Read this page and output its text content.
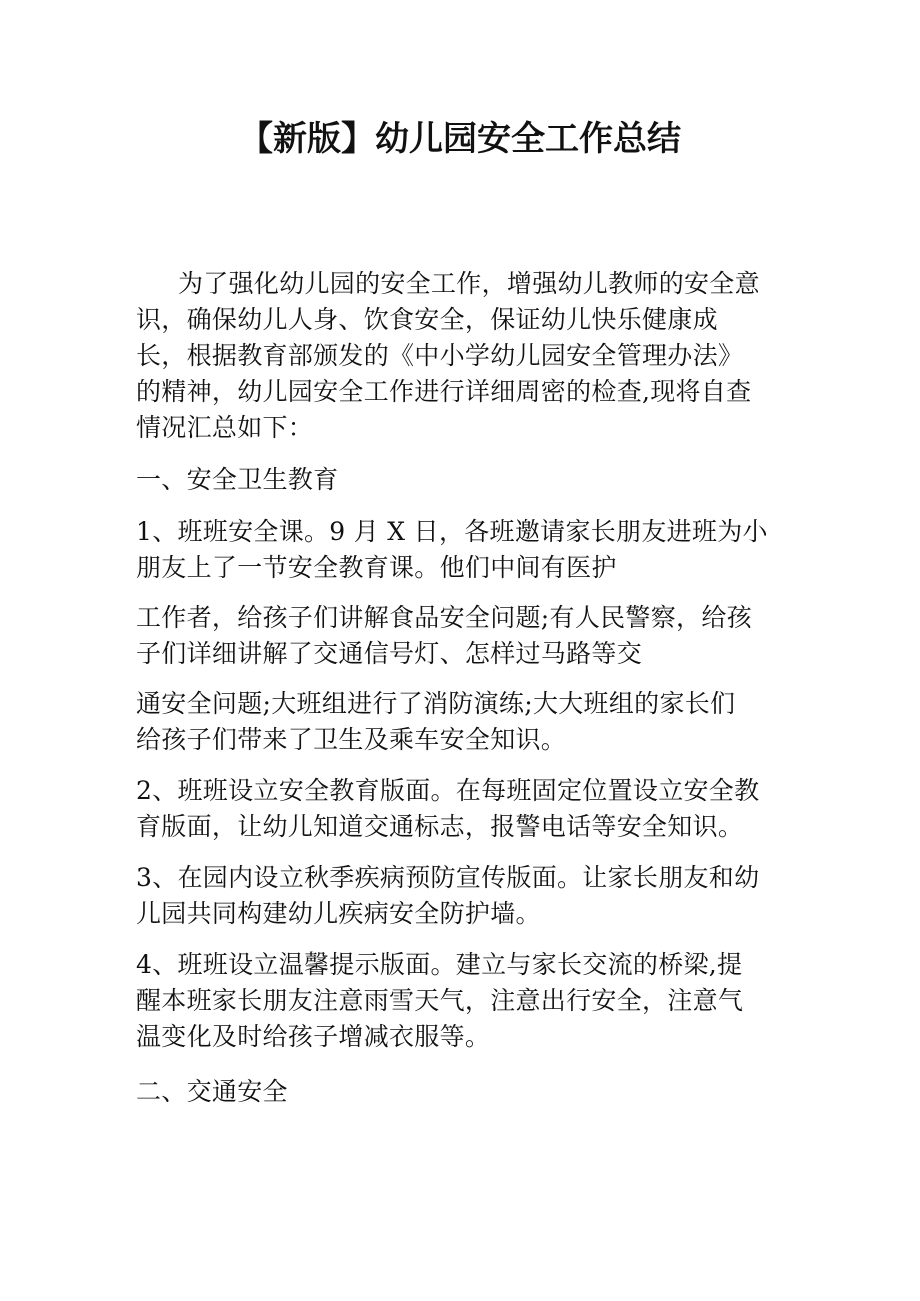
【新版】幼儿园安全工作总结

为了强化幼儿园的安全工作，增强幼儿教师的安全意

识，确保幼儿人身、饮食安全，保证幼儿快乐健康成

长，根据教育部颁发的《中小学幼儿园安全管理办法》

的精神，幼儿园安全工作进行详细周密的检查,现将自查

情况汇总如下：

一、安全卫生教育

1、班班安全课。9 月 X 日，各班邀请家长朋友进班为小

朋友上了一节安全教育课。他们中间有医护

工作者，给孩子们讲解食品安全问题;有人民警察，给孩

子们详细讲解了交通信号灯、怎样过马路等交

通安全问题;大班组进行了消防演练;大大班组的家长们

给孩子们带来了卫生及乘车安全知识。

2、班班设立安全教育版面。在每班固定位置设立安全教

育版面，让幼儿知道交通标志，报警电话等安全知识。

3、在园内设立秋季疾病预防宣传版面。让家长朋友和幼

儿园共同构建幼儿疾病安全防护墙。

4、班班设立温馨提示版面。建立与家长交流的桥梁,提

醒本班家长朋友注意雨雪天气，注意出行安全，注意气

温变化及时给孩子增减衣服等。

二、交通安全
